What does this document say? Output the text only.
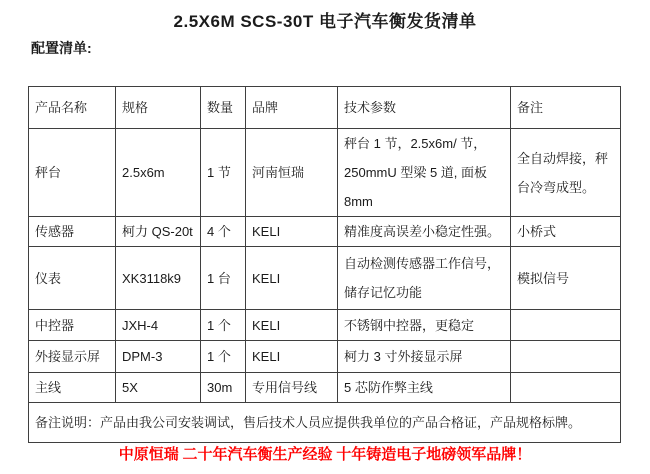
2.5X6M SCS-30T 电子汽车衡发货清单
配置清单:
产品名称	规格	数量	品牌	技术参数	备注
秤台	2.5x6m	1 节	河南恒瑞	秤台 1 节，2.5x6m/ 节，250mmU 型梁 5 道, 面板 8mm	全自动焊接，秤台冷弯成型。
传感器	柯力 QS-20t	4 个	KELI	精准度高误差小稳定性强。	小桥式
仪表	XK3118k9	1 台	KELI	自动检测传感器工作信号，储存记忆功能	模拟信号
中控器	JXH-4	1 个	KELI	不锈钢中控器，更稳定	
外接显示屏	DPM-3	1 个	KELI	柯力 3 寸外接显示屏	
主线	5X	30m	专用信号线	5 芯防作弊主线	
备注说明：产品由我公司安装调试，售后技术人员应提供我单位的产品合格证，产品规格标牌。					
中原恒瑞 二十年汽车衡生产经验 十年铸造电子地磅领军品牌！
